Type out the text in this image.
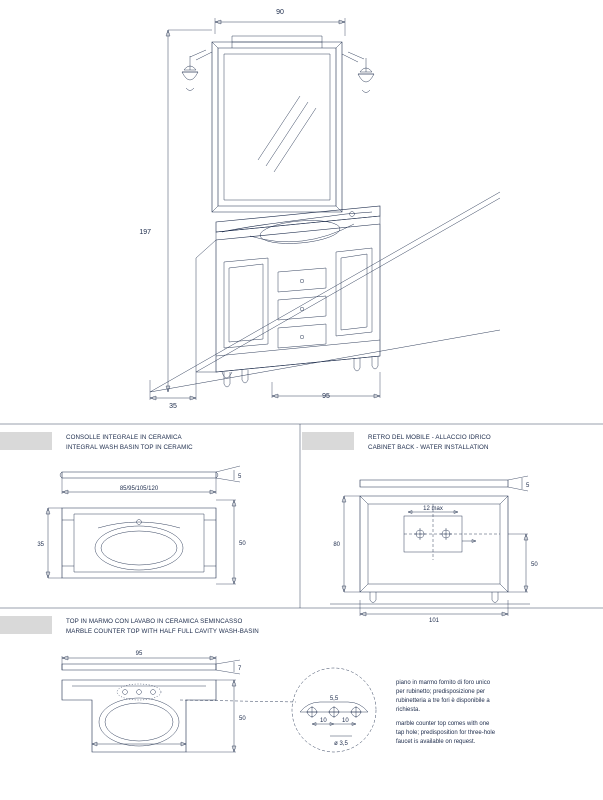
90
197
35
95
CONSOLLE INTEGRALE IN CERAMICA
INTEGRAL WASH BASIN TOP IN CERAMIC
5
85/95/105/120
35	50
RETRO DEL MOBILE - ALLACCIO IDRICO
CABINET BACK - WATER INSTALLATION
5
12 max
80
50
101
TOP IN MARMO CON LAVABO IN CERAMICA SEMINCASSO
MARBLE COUNTER TOP WITH HALF FULL CAVITY WASH-BASIN
95
7
50	10	10
5,5
ø 3,5
piano in marmo fornito di foro unico per rubinetto; predisposizione per rubinetteria a tre fori è disponibile a richiesta.
marble counter top comes with one tap hole; predisposition for three-hole faucet is available on request.
